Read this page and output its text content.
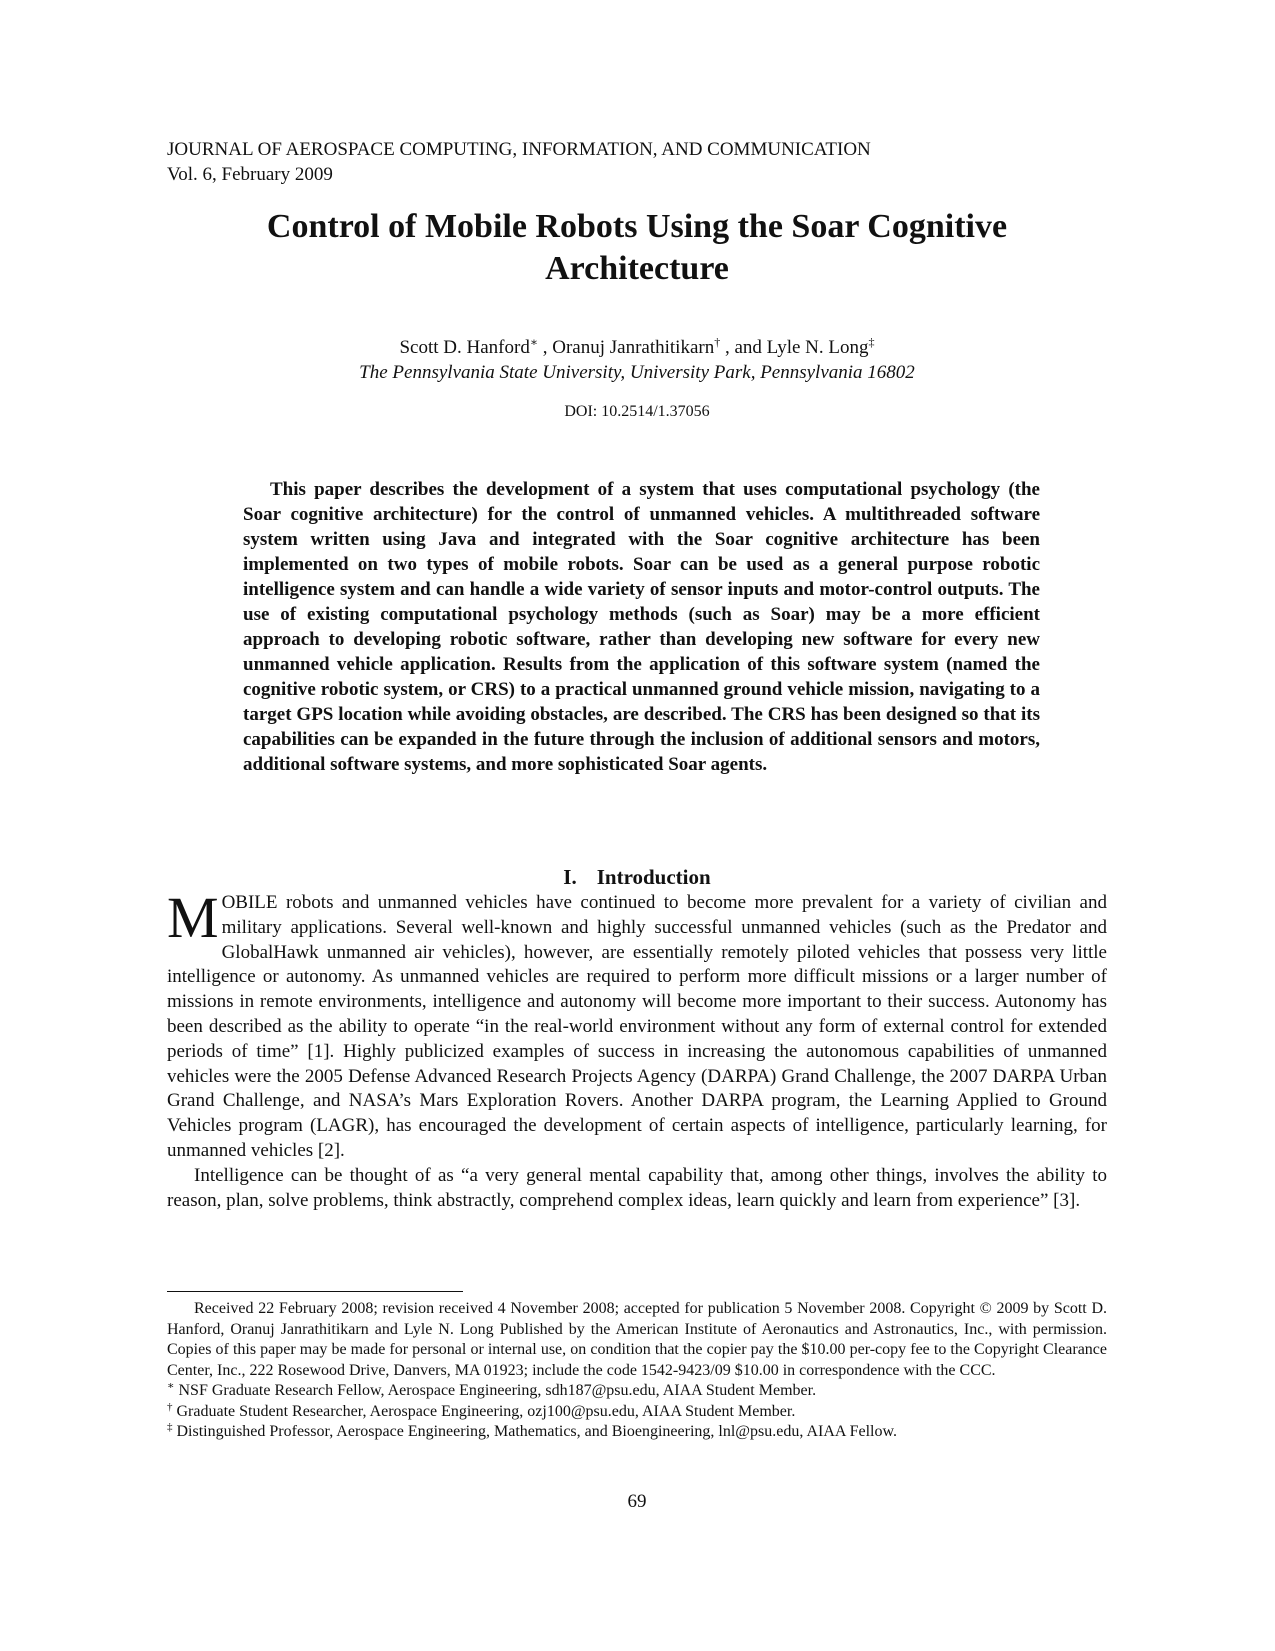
JOURNAL OF AEROSPACE COMPUTING, INFORMATION, AND COMMUNICATION
Vol. 6, February 2009
Control of Mobile Robots Using the Soar Cognitive
Architecture
Scott D. Hanford∗ , Oranuj Janrathitikarn† , and Lyle N. Long‡
The Pennsylvania State University, University Park, Pennsylvania 16802
DOI: 10.2514/1.37056

This paper describes the development of a system that uses computational psychology (the Soar cognitive architecture) for the control of unmanned vehicles. A multithreaded software system written using Java and integrated with the Soar cognitive architecture has been implemented on two types of mobile robots. Soar can be used as a general purpose robotic intelligence system and can handle a wide variety of sensor inputs and motor-control outputs. The use of existing computational psychology methods (such as Soar) may be a more efficient approach to developing robotic software, rather than developing new software for every new unmanned vehicle application. Results from the application of this software system (named the cognitive robotic system, or CRS) to a practical unmanned ground vehicle mission, navigating to a target GPS location while avoiding obstacles, are described. The CRS has been designed so that its capabilities can be expanded in the future through the inclusion of additional sensors and motors, additional software systems, and more sophisticated Soar agents.

I. Introduction

MOBILE robots and unmanned vehicles have continued to become more prevalent for a variety of civilian and military applications. Several well-known and highly successful unmanned vehicles (such as the Predator and GlobalHawk unmanned air vehicles), however, are essentially remotely piloted vehicles that possess very little intelligence or autonomy. As unmanned vehicles are required to perform more difficult missions or a larger number of missions in remote environments, intelligence and autonomy will become more important to their success. Autonomy has been described as the ability to operate “in the real-world environment without any form of external control for extended periods of time” [1]. Highly publicized examples of success in increasing the autonomous capabilities of unmanned vehicles were the 2005 Defense Advanced Research Projects Agency (DARPA) Grand Challenge, the 2007 DARPA Urban Grand Challenge, and NASA’s Mars Exploration Rovers. Another DARPA program, the Learning Applied to Ground Vehicles program (LAGR), has encouraged the development of certain aspects of intelligence, particularly learning, for unmanned vehicles [2].

Intelligence can be thought of as “a very general mental capability that, among other things, involves the ability to reason, plan, solve problems, think abstractly, comprehend complex ideas, learn quickly and learn from experience” [3].

Received 22 February 2008; revision received 4 November 2008; accepted for publication 5 November 2008. Copyright © 2009 by Scott D. Hanford, Oranuj Janrathitikarn and Lyle N. Long Published by the American Institute of Aeronautics and Astronautics, Inc., with permission. Copies of this paper may be made for personal or internal use, on condition that the copier pay the $10.00 per-copy fee to the Copyright Clearance Center, Inc., 222 Rosewood Drive, Danvers, MA 01923; include the code 1542-9423/09 $10.00 in correspondence with the CCC.

∗ NSF Graduate Research Fellow, Aerospace Engineering, sdh187@psu.edu, AIAA Student Member.

† Graduate Student Researcher, Aerospace Engineering, ozj100@psu.edu, AIAA Student Member.

‡ Distinguished Professor, Aerospace Engineering, Mathematics, and Bioengineering, lnl@psu.edu, AIAA Fellow.

69
